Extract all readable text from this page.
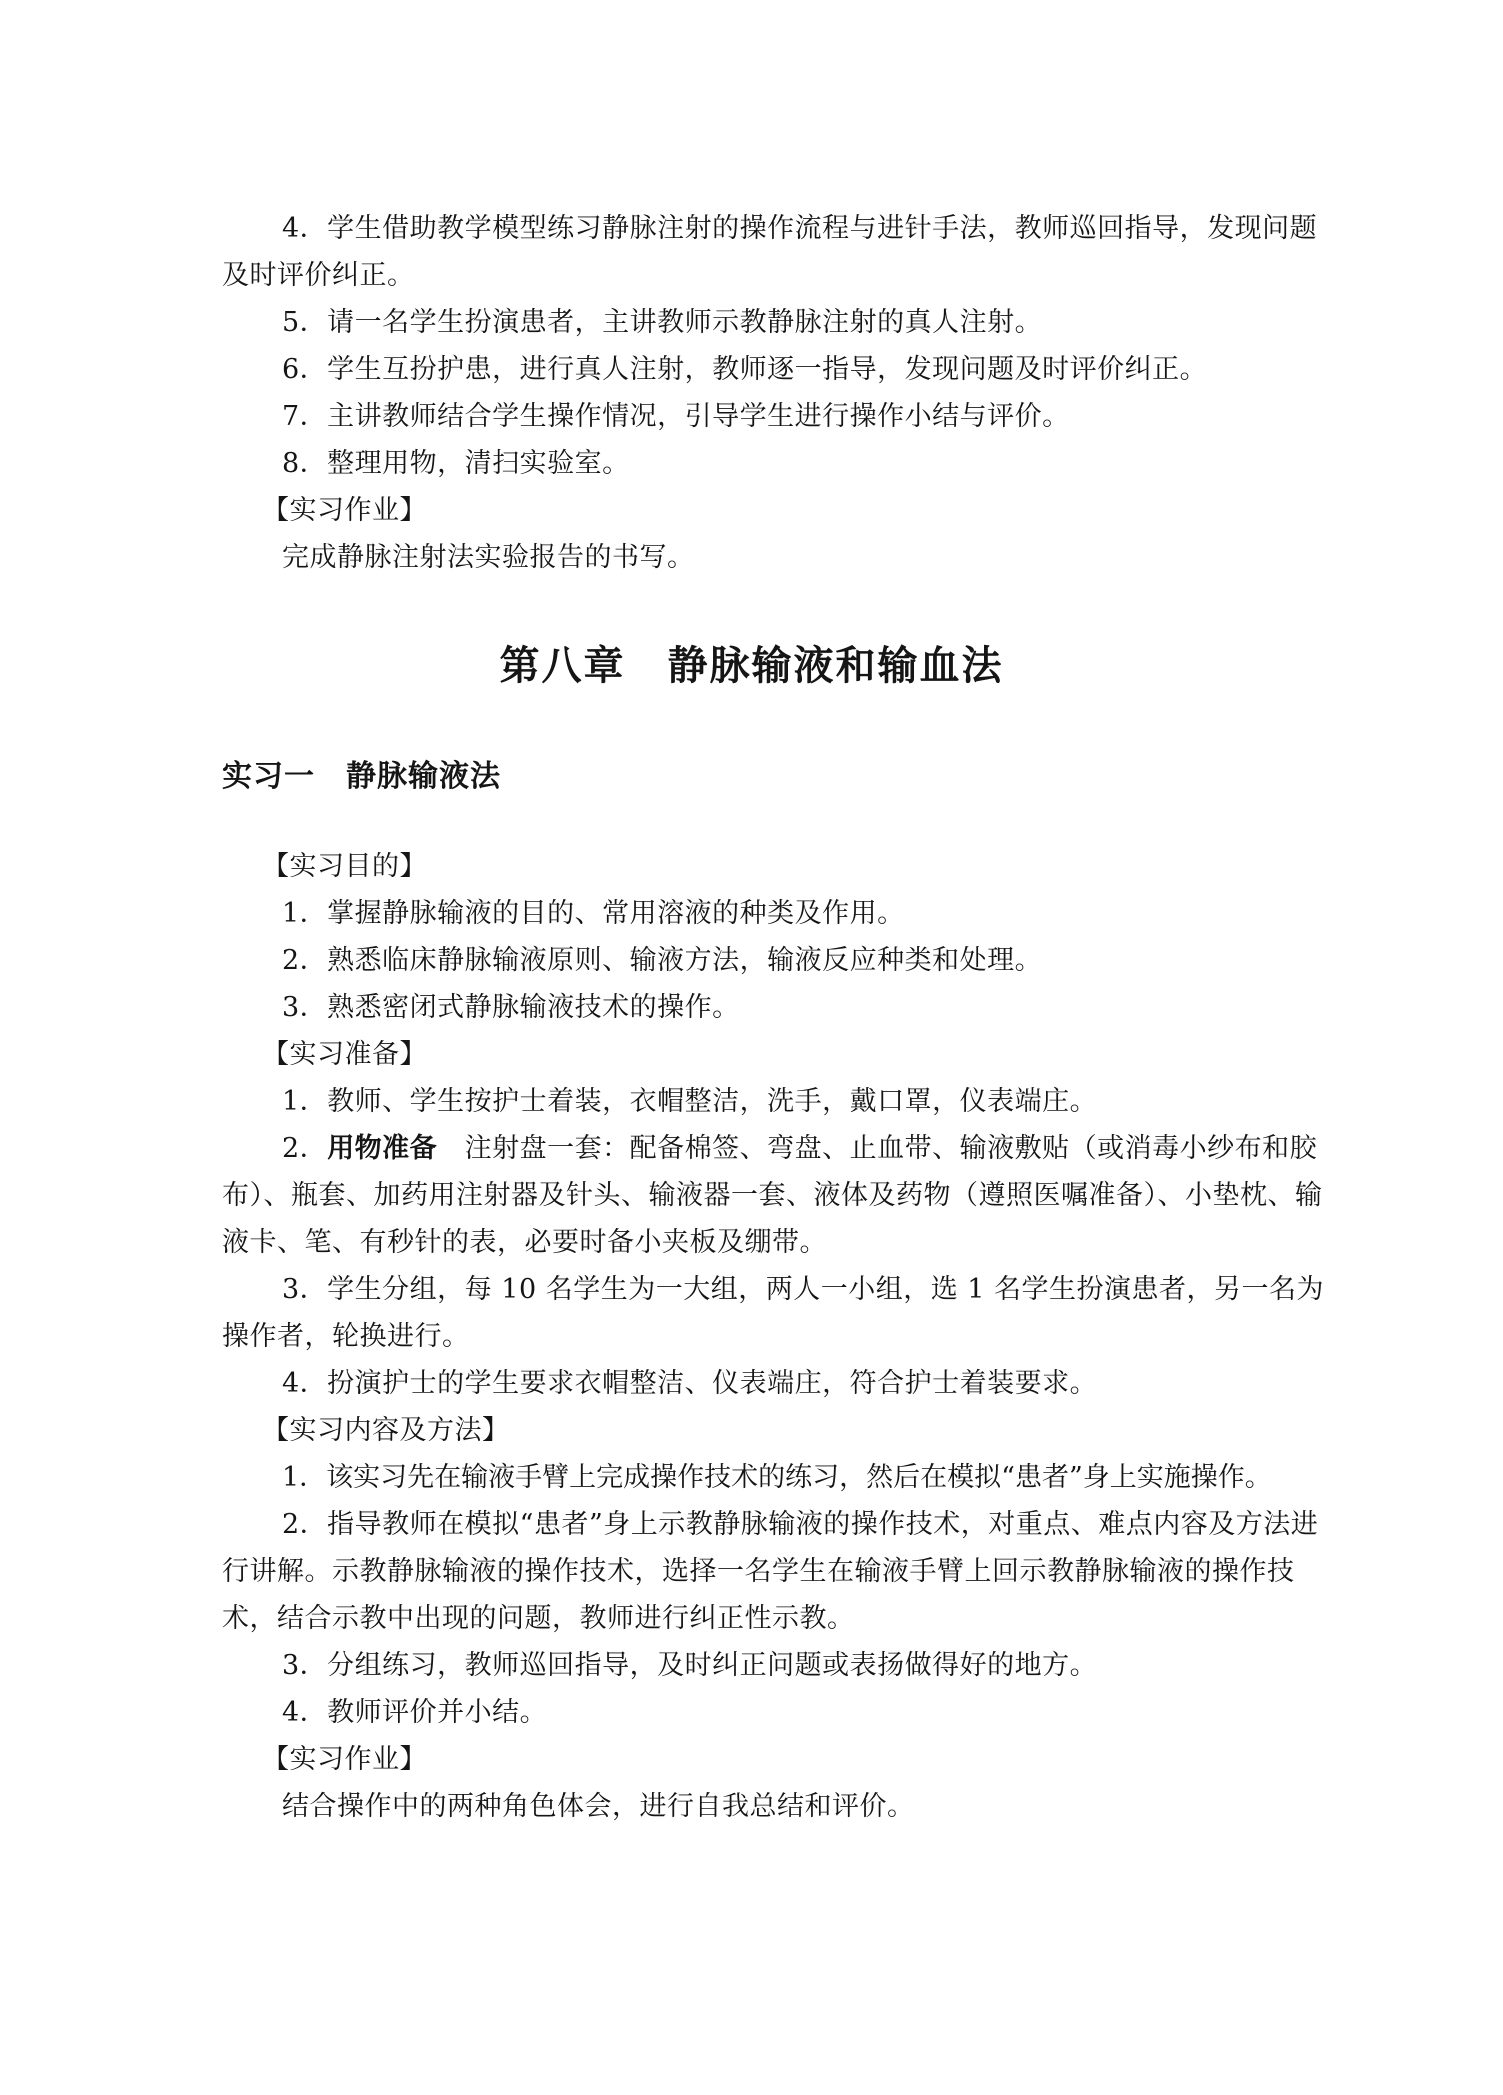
4．学生借助教学模型练习静脉注射的操作流程与进针手法，教师巡回指导，发现问题及时评价纠正。
5．请一名学生扮演患者，主讲教师示教静脉注射的真人注射。
6．学生互扮护患，进行真人注射，教师逐一指导，发现问题及时评价纠正。
7．主讲教师结合学生操作情况，引导学生进行操作小结与评价。
8．整理用物，清扫实验室。
【实习作业】
完成静脉注射法实验报告的书写。
第八章　静脉输液和输血法
实习一　静脉输液法
【实习目的】
1．掌握静脉输液的目的、常用溶液的种类及作用。
2．熟悉临床静脉输液原则、输液方法，输液反应种类和处理。
3．熟悉密闭式静脉输液技术的操作。
【实习准备】
1．教师、学生按护士着装，衣帽整洁，洗手，戴口罩，仪表端庄。
2．用物准备　注射盘一套：配备棉签、弯盘、止血带、输液敷贴（或消毒小纱布和胶布）、瓶套、加药用注射器及针头、输液器一套、液体及药物（遵照医嘱准备）、小垫枕、输液卡、笔、有秒针的表，必要时备小夹板及绷带。
3．学生分组，每 10 名学生为一大组，两人一小组，选 1 名学生扮演患者，另一名为操作者，轮换进行。
4．扮演护士的学生要求衣帽整洁、仪表端庄，符合护士着装要求。
【实习内容及方法】
1．该实习先在输液手臂上完成操作技术的练习，然后在模拟“患者”身上实施操作。
2．指导教师在模拟“患者”身上示教静脉输液的操作技术，对重点、难点内容及方法进行讲解。示教静脉输液的操作技术，选择一名学生在输液手臂上回示教静脉输液的操作技术，结合示教中出现的问题，教师进行纠正性示教。
3．分组练习，教师巡回指导，及时纠正问题或表扬做得好的地方。
4．教师评价并小结。
【实习作业】
结合操作中的两种角色体会，进行自我总结和评价。
